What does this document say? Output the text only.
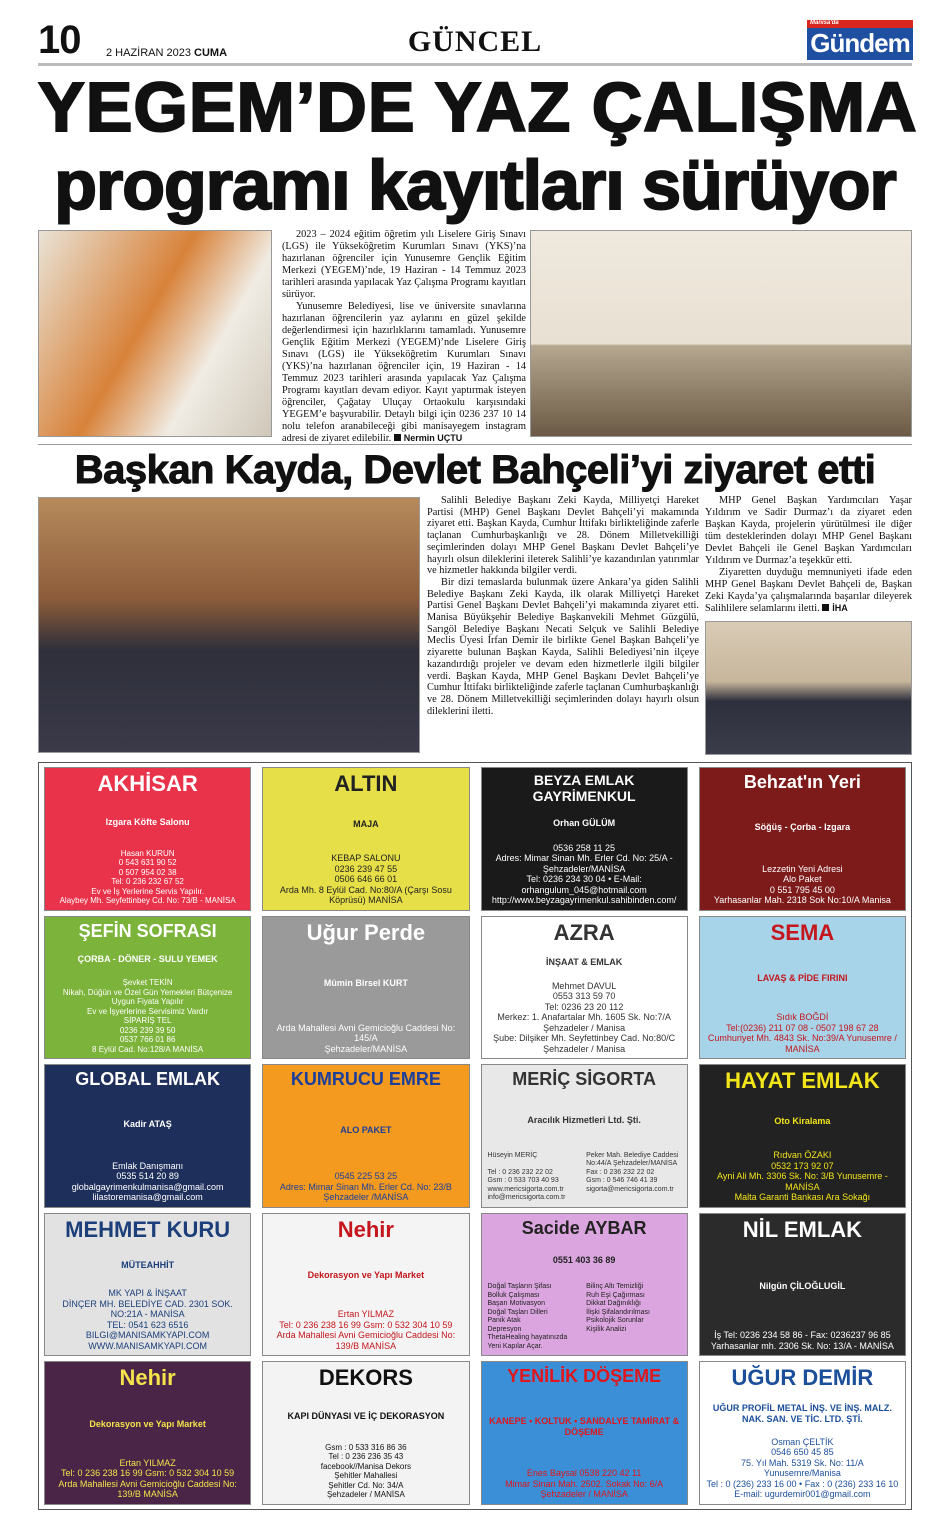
10 2 HAZİRAN 2023 CUMA	GÜNCEL
Manisa'da
Gündem
YEGEM’DE YAZ ÇALIŞMA
programı kayıtları sürüyor

2023 – 2024 eğitim öğretim yılı Liselere Giriş Sınavı (LGS) ile Yükseköğretim Kurumları Sınavı (YKS)’na hazırlanan öğrenciler için Yunusemre Gençlik Eğitim Merkezi (YEGEM)’nde, 19 Haziran - 14 Temmuz 2023 tarihleri arasında yapılacak Yaz Çalışma Programı kayıtları sürüyor.

Yunusemre Belediyesi, lise ve üniversite sınavlarına hazırlanan öğrencilerin yaz aylarını en güzel şekilde değerlendirmesi için hazırlıklarını tamamladı. Yunusemre Gençlik Eğitim Merkezi (YEGEM)’nde Liselere Giriş Sınavı (LGS) ile Yükseköğretim Kurumları Sınavı (YKS)’na hazırlanan öğrenciler için, 19 Haziran - 14 Temmuz 2023 tarihleri arasında yapılacak Yaz Çalışma Programı kayıtları devam ediyor. Kayıt yaptırmak isteyen öğrenciler, Çağatay Uluçay Ortaokulu karşısındaki YEGEM’e başvurabilir. Detaylı bilgi için 0236 237 10 14 nolu telefon aranabileceği gibi manisayegem instagram adresi de ziyaret edilebilir. Nermin UÇTU

Başkan Kayda, Devlet Bahçeli’yi ziyaret etti

Salihli Belediye Başkanı Zeki Kayda, Milliyetçi Hareket Partisi (MHP) Genel Başkanı Devlet Bahçeli’yi makamında ziyaret etti. Başkan Kayda, Cumhur İttifakı birlikteliğinde zaferle taçlanan Cumhurbaşkanlığı ve 28. Dönem Milletvekilliği seçimlerinden dolayı MHP Genel Başkanı Devlet Bahçeli’ye hayırlı olsun dileklerini ileterek Salihli’ye kazandırılan yatırımlar ve hizmetler hakkında bilgiler verdi.

Bir dizi temaslarda bulunmak üzere Ankara’ya giden Salihli Belediye Başkanı Zeki Kayda, ilk olarak Milliyetçi Hareket Partisi Genel Başkanı Devlet Bahçeli’yi makamında ziyaret etti. Manisa Büyükşehir Belediye Başkanvekili Mehmet Güzgülü, Sarıgöl Belediye Başkanı Necati Selçuk ve Salihli Belediye Meclis Üyesi İrfan Demir ile birlikte Genel Başkan Bahçeli’ye ziyarette bulunan Başkan Kayda, Salihli Belediyesi’nin ilçeye kazandırdığı projeler ve devam eden hizmetlerle ilgili bilgiler verdi. Başkan Kayda, MHP Genel Başkanı Devlet Bahçeli’ye Cumhur İttifakı birlikteliğinde zaferle taçlanan Cumhurbaşkanlığı ve 28. Dönem Milletvekilliği seçimlerinden dolayı hayırlı olsun dileklerini iletti.

MHP Genel Başkan Yardımcıları Yaşar Yıldırım ve Sadir Durmaz’ı da ziyaret eden Başkan Kayda, projelerin yürütülmesi ile diğer tüm desteklerinden dolayı MHP Genel Başkanı Devlet Bahçeli ile Genel Başkan Yardımcıları Yıldırım ve Durmaz’a teşekkür etti.

Ziyaretten duyduğu memnuniyeti ifade eden MHP Genel Başkanı Devlet Bahçeli de, Başkan Zeki Kayda’ya çalışmalarında başarılar dileyerek Salihlilere selamlarını iletti. İHA

AKHİSAR
Izgara Köfte Salonu
Hasan KURUN
0 543 631 90 52
0 507 954 02 38
Tel: 0 236 232 67 52
Ev ve İş Yerlerine Servis Yapılır.
Alaybey Mh. Seyfettinbey Cd. No: 73/B - MANİSA
ALTIN
MAJA
KEBAP SALONU
0236 239 47 55
0506 646 66 01
Arda Mh. 8 Eylül Cad. No:80/A (Çarşı Sosu Köprüsü) MANİSA
BEYZA EMLAK GAYRİMENKUL
Orhan GÜLÜM
0536 258 11 25
Adres: Mimar Sinan Mh. Erler Cd. No: 25/A - Şehzadeler/MANİSA
Tel: 0236 234 30 04 • E-Mail: orhangulum_045@hotmail.com
http://www.beyzagayrimenkul.sahibinden.com/
Behzat'ın Yeri
Söğüş - Çorba - Izgara
Lezzetin Yeni Adresi
Alo Paket
0 551 795 45 00
Yarhasanlar Mah. 2318 Sok No:10/A Manisa
ŞEFİN SOFRASI
ÇORBA - DÖNER - SULU YEMEK
Şevket TEKİN
Nikah, Düğün ve Özel Gün Yemekleri Bütçenize Uygun Fiyata Yapılır
Ev ve İşyerlerine Servisimiz Vardır
SİPARİŞ TEL
0236 239 39 50
0537 766 01 86
8 Eylül Cad. No:128/A MANİSA
Uğur Perde
Mümin Birsel KURT
Arda Mahallesi Avni Gemicioğlu Caddesi No: 145/A
Şehzadeler/MANİSA
AZRA
İNŞAAT & EMLAK
Mehmet DAVUL
0553 313 59 70
Tel: 0236 23 20 112
Merkez: 1. Anafartalar Mh. 1605 Sk. No:7/A Şehzadeler / Manisa
Şube: Dilşiker Mh. Seyfettinbey Cad. No:80/C Şehzadeler / Manisa
SEMA
LAVAŞ & PİDE FIRINI
Sıdık BOĞDİ
Tel:(0236) 211 07 08 - 0507 198 67 28
Cumhuriyet Mh. 4843 Sk. No:39/A Yunusemre / MANİSA
GLOBAL EMLAK
Kadir ATAŞ
Emlak Danışmanı
0535 514 20 89
globalgayrimenkulmanisa@gmail.com
lilastoremanisa@gmail.com
KUMRUCU EMRE
ALO PAKET
0545 225 53 25
Adres: Mimar Sinan Mh. Erler Cd. No: 23/B
Şehzadeler /MANİSA
MERİÇ SİGORTA
Aracılık Hizmetleri Ltd. Şti.
Hüseyin MERİÇ	Peker Mah. Belediye Caddesi No:44/A Şehzadeler/MANİSA
Tel : 0 236 232 22 02	Fax : 0 236 232 22 02
Gsm : 0 533 703 40 93	Gsm : 0 546 746 41 39
www.mericsigorta.com.tr	sigorta@mericsigorta.com.tr
info@mericsigorta.com.tr
HAYAT EMLAK
Oto Kiralama
Rıdvan ÖZAKI
0532 173 92 07
Ayni Ali Mh. 3306 Sk. No: 3/B Yunusemre - MANİSA
Malta Garanti Bankası Ara Sokağı
MEHMET KURU
MÜTEAHHİT
MK YAPI & İNŞAAT
DİNÇER MH. BELEDİYE CAD. 2301 SOK. NO:21A - MANİSA
TEL: 0541 623 6516
BILGI@MANISAMKYAPI.COM
WWW.MANISAMKYAPI.COM
Nehir
Dekorasyon ve Yapı Market
Ertan YILMAZ
Tel: 0 236 238 16 99 Gsm: 0 532 304 10 59
Arda Mahallesi Avni Gemicioğlu Caddesi No: 139/B MANİSA
Sacide AYBAR
0551 403 36 89
Doğal Taşların Şifası	Bilinç Altı Temizliği
Bolluk Çalışması	Ruh Eşi Çağırması
Başarı Motivasyon	Dikkat Dağınıklığı
Doğal Taşları Dilleri	İlişki Şifalandırılması
Panik Atak	Psikolojik Sorunlar
Depresyon	Kişilik Analizi
ThetaHealing hayatınızda Yeni Kapılar Açar.
NİL EMLAK
Nilgün ÇİLOĞLUGİL
İş Tel: 0236 234 58 86 - Fax: 0236237 96 85
Yarhasanlar mh. 2306 Sk. No: 13/A - MANİSA
Nehir
Dekorasyon ve Yapı Market
Ertan YILMAZ
Tel: 0 236 238 16 99 Gsm: 0 532 304 10 59
Arda Mahallesi Avni Gemicioğlu Caddesi No: 139/B MANİSA
DEKORS
KAPI DÜNYASI VE İÇ DEKORASYON
Gsm : 0 533 316 86 36
Tel : 0 236 236 35 43
facebook//Manisa Dekors
Şehitler Mahallesi
Şehitler Cd. No: 34/A
Şehzadeler / MANİSA
YENİLİK DÖŞEME
KANEPE • KOLTUK • SANDALYE TAMİRAT & DÖŞEME
Enes Baysal 0538 220 42 11
Mimar Sinan Mah. 2502. Sokak No: 6/A Şehzadeler / MANİSA
UĞUR DEMİR
UĞUR PROFİL METAL İNŞ. VE İNŞ. MALZ. NAK. SAN. VE TİC. LTD. ŞTİ.
Osman ÇELTİK
0546 650 45 85
75. Yıl Mah. 5319 Sk. No: 11/A Yunusemre/Manisa
Tel : 0 (236) 233 16 00 • Fax : 0 (236) 233 16 10
E-mail: ugurdemir001@gmail.com
